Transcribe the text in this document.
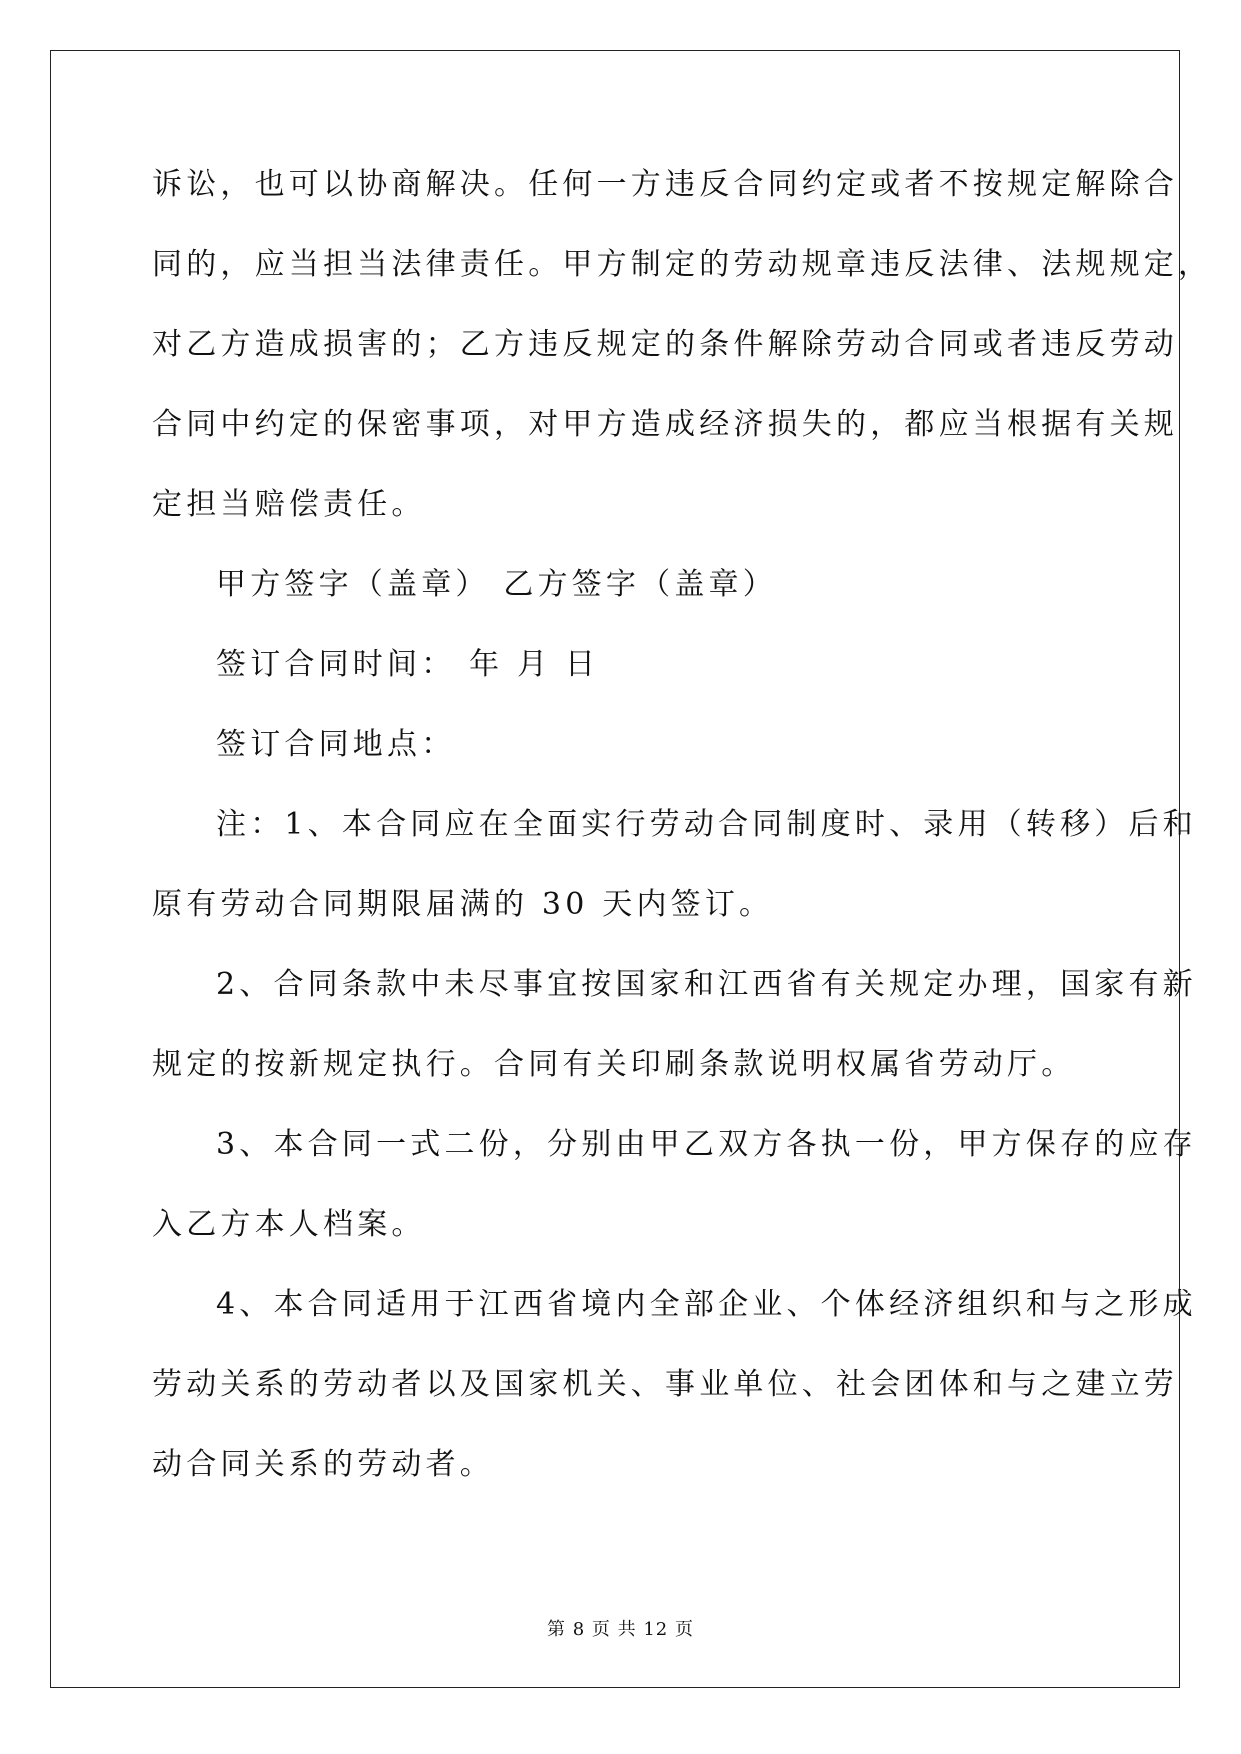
诉讼，也可以协商解决。任何一方违反合同约定或者不按规定解除合
同的，应当担当法律责任。甲方制定的劳动规章违反法律、法规规定，
对乙方造成损害的；乙方违反规定的条件解除劳动合同或者违反劳动
合同中约定的保密事项，对甲方造成经济损失的，都应当根据有关规
定担当赔偿责任。
甲方签字（盖章） 乙方签字（盖章）
签订合同时间： 年 月 日
签订合同地点：
注：1、本合同应在全面实行劳动合同制度时、录用（转移）后和
原有劳动合同期限届满的 30 天内签订。
2、合同条款中未尽事宜按国家和江西省有关规定办理，国家有新
规定的按新规定执行。合同有关印刷条款说明权属省劳动厅。
3、本合同一式二份，分别由甲乙双方各执一份，甲方保存的应存
入乙方本人档案。
4、本合同适用于江西省境内全部企业、个体经济组织和与之形成
劳动关系的劳动者以及国家机关、事业单位、社会团体和与之建立劳
动合同关系的劳动者。
第 8 页 共 12 页
